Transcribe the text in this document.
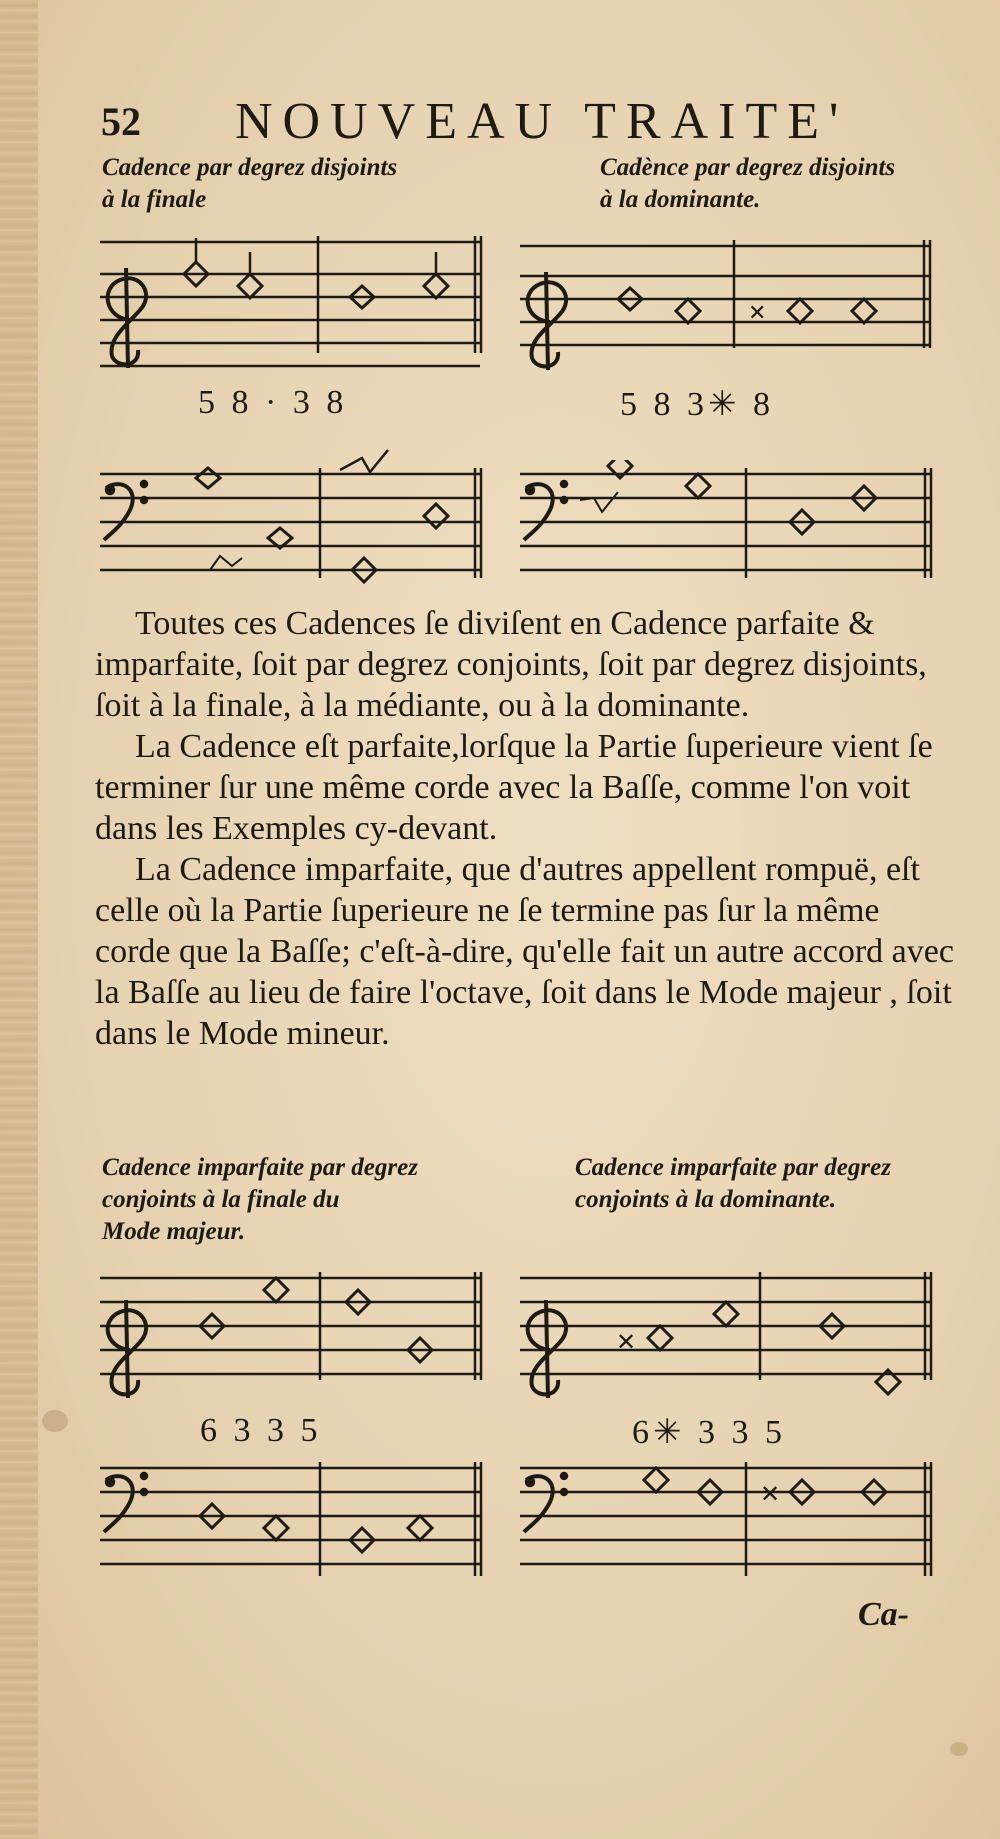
52 NOUVEAU TRAITE'
Cadence par degrez disjoints
à la finale
Cadènce par degrez disjoints
à la dominante.
✕
5 8 · 3 8	5 8 3✳ 8

Toutes ces Cadences ſe diviſent en Cadence parfaite & imparfaite, ſoit par degrez conjoints, ſoit par degrez disjoints, ſoit à la finale, à la médiante, ou à la dominante.

La Cadence eſt parfaite,lorſque la Partie ſuperieure vient ſe terminer ſur une même corde avec la Baſſe, comme l'on voit dans les Exemples cy-devant.

La Cadence imparfaite, que d'autres appellent rompuë, eſt celle où la Partie ſuperieure ne ſe termine pas ſur la même corde que la Baſſe; c'eſt-à-dire, qu'elle fait un autre accord avec la Baſſe au lieu de faire l'octave, ſoit dans le Mode majeur , ſoit dans le Mode mineur.

Cadence imparfaite par degrez
conjoints à la finale du
Mode majeur.
Cadence imparfaite par degrez
conjoints à la dominante.
✕
6 3 3 5	6✳ 3 3 5
✕
Ca-
